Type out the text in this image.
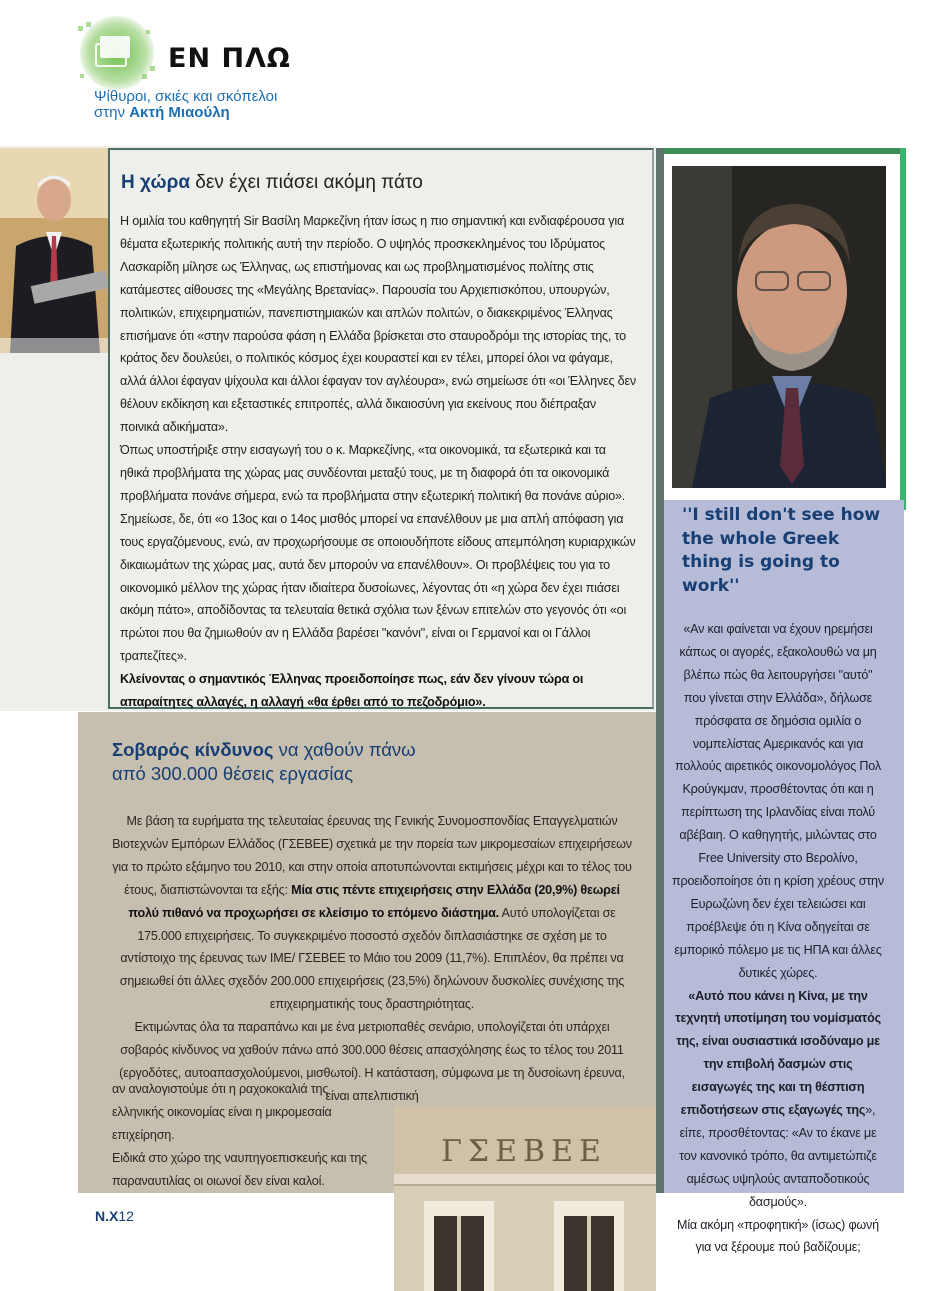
ΕΝ ΠΛΩ
Ψίθυροι, σκιές και σκόπελοι
στην Ακτή Μιαούλη
Η χώρα δεν έχει πιάσει ακόμη πάτο

Η ομιλία του καθηγητή Sir Βασίλη Μαρκεζίνη ήταν ίσως η πιο σημαντική και ενδιαφέρουσα για θέματα εξωτερικής πολιτικής αυτή την περίοδο. Ο υψηλός προσκεκλημένος του Ιδρύματος Λασκαρίδη μίλησε ως Έλληνας, ως επιστήμονας και ως προβληματισμένος πολίτης στις κατάμεστες αίθουσες της «Μεγάλης Βρετανίας». Παρουσία του Αρχιεπισκόπου, υπουργών, πολιτικών, επιχειρηματιών, πανεπιστημιακών και απλών πολιτών, ο διακεκριμένος Έλληνας επισήμανε ότι «στην παρούσα φάση η Ελλάδα βρίσκεται στο σταυροδρόμι της ιστορίας της, το κράτος δεν δουλεύει, ο πολιτικός κόσμος έχει κουραστεί και εν τέλει, μπορεί όλοι να φάγαμε, αλλά άλλοι έφαγαν ψίχουλα και άλλοι έφαγαν τον αγλέουρα», ενώ σημείωσε ότι «οι Έλληνες δεν θέλουν εκδίκηση και εξεταστικές επιτροπές, αλλά δικαιοσύνη για εκείνους που διέπραξαν ποινικά αδικήματα».

Όπως υποστήριξε στην εισαγωγή του ο κ. Μαρκεζίνης, «τα οικονομικά, τα εξωτερικά και τα ηθικά προβλήματα της χώρας μας συνδέονται μεταξύ τους, με τη διαφορά ότι τα οικονομικά προβλήματα πονάνε σήμερα, ενώ τα προβλήματα στην εξωτερική πολιτική θα πονάνε αύριο».

Σημείωσε, δε, ότι «ο 13ος και ο 14ος μισθός μπορεί να επανέλθουν με μια απλή απόφαση για τους εργαζόμενους, ενώ, αν προχωρήσουμε σε οποιουδήποτε είδους απεμπόληση κυριαρχικών δικαιωμάτων της χώρας μας, αυτά δεν μπορούν να επανέλθουν». Οι προβλέψεις του για το οικονομικό μέλλον της χώρας ήταν ιδιαίτερα δυσοίωνες, λέγοντας ότι «η χώρα δεν έχει πιάσει ακόμη πάτο», αποδίδοντας τα τελευταία θετικά σχόλια των ξένων επιτελών στο γεγονός ότι «οι πρώτοι που θα ζημιωθούν αν η Ελλάδα βαρέσει "κανόνι", είναι οι Γερμανοί και οι Γάλλοι τραπεζίτες».

Κλείνοντας ο σημαντικός Έλληνας προειδοποίησε πως, εάν δεν γίνουν τώρα οι απαραίτητες αλλαγές, η αλλαγή «θα έρθει από το πεζοδρόμιο».

''I still don't see how the whole Greek thing is going to work''

«Αν και φαίνεται να έχουν ηρεμήσει κάπως οι αγορές, εξακολουθώ να μη βλέπω πώς θα λειτουργήσει "αυτό" που γίνεται στην Ελλάδα», δήλωσε πρόσφατα σε δημόσια ομιλία ο νομπελίστας Αμερικανός και για πολλούς αιρετικός οικονομολόγος Πολ Κρούγκμαν, προσθέτοντας ότι και η περίπτωση της Ιρλανδίας είναι πολύ αβέβαιη. Ο καθηγητής, μιλώντας στο Free University στο Βερολίνο, προειδοποίησε ότι η κρίση χρέους στην Ευρωζώνη δεν έχει τελειώσει και προέβλεψε ότι η Κίνα οδηγείται σε εμπορικό πόλεμο με τις ΗΠΑ και άλλες δυτικές χώρες.

«Αυτό που κάνει η Κίνα, με την τεχνητή υποτίμηση του νομίσματός της, είναι ουσιαστικά ισοδύναμο με την επιβολή δασμών στις εισαγωγές της και τη θέσπιση επιδοτήσεων στις εξαγωγές της», είπε, προσθέτοντας: «Αν το έκανε με τον κανονικό τρόπο, θα αντιμετώπιζε αμέσως υψηλούς ανταποδοτικούς δασμούς».

Μία ακόμη «προφητική» (ίσως) φωνή για να ξέρουμε πού βαδίζουμε;

Σοβαρός κίνδυνος να χαθούν πάνω
από 300.000 θέσεις εργασίας

Με βάση τα ευρήματα της τελευταίας έρευνας της Γενικής Συνομοσπονδίας Επαγγελματιών Βιοτεχνών Εμπόρων Ελλάδος (ΓΣΕΒΕΕ) σχετικά με την πορεία των μικρομεσαίων επιχειρήσεων για το πρώτο εξάμηνο του 2010, και στην οποία αποτυπώνονται εκτιμήσεις μέχρι και το τέλος του έτους, διαπιστώνονται τα εξής: Μία στις πέντε επιχειρήσεις στην Ελλάδα (20,9%) θεωρεί πολύ πιθανό να προχωρήσει σε κλείσιμο το επόμενο διάστημα. Αυτό υπολογίζεται σε 175.000 επιχειρήσεις. Το συγκεκριμένο ποσοστό σχεδόν διπλασιάστηκε σε σχέση με το αντίστοιχο της έρευνας των ΙΜΕ/ ΓΣΕΒΕΕ το Μάιο του 2009 (11,7%). Επιπλέον, θα πρέπει να σημειωθεί ότι άλλες σχεδόν 200.000 επιχειρήσεις (23,5%) δηλώνουν δυσκολίες συνέχισης της επιχειρηματικής τους δραστηριότητας.

Εκτιμώντας όλα τα παραπάνω και με ένα μετριοπαθές σενάριο, υπολογίζεται ότι υπάρχει σοβαρός κίνδυνος να χαθούν πάνω από 300.000 θέσεις απασχόλησης έως το τέλος του 2011 (εργοδότες, αυτοαπασχολούμενοι, μισθωτοί). Η κατάσταση, σύμφωνα με τη δυσοίωνη έρευνα, είναι απελπιστική

αν αναλογιστούμε ότι η ραχοκοκαλιά της ελληνικής οικονομίας είναι η μικρομεσαία επιχείρηση.

Ειδικά στο χώρο της ναυπηγοεπισκευής και της παραναυτιλίας οι οιωνοί δεν είναι καλοί.

ΓΣΕΒΕΕ
N.X12
